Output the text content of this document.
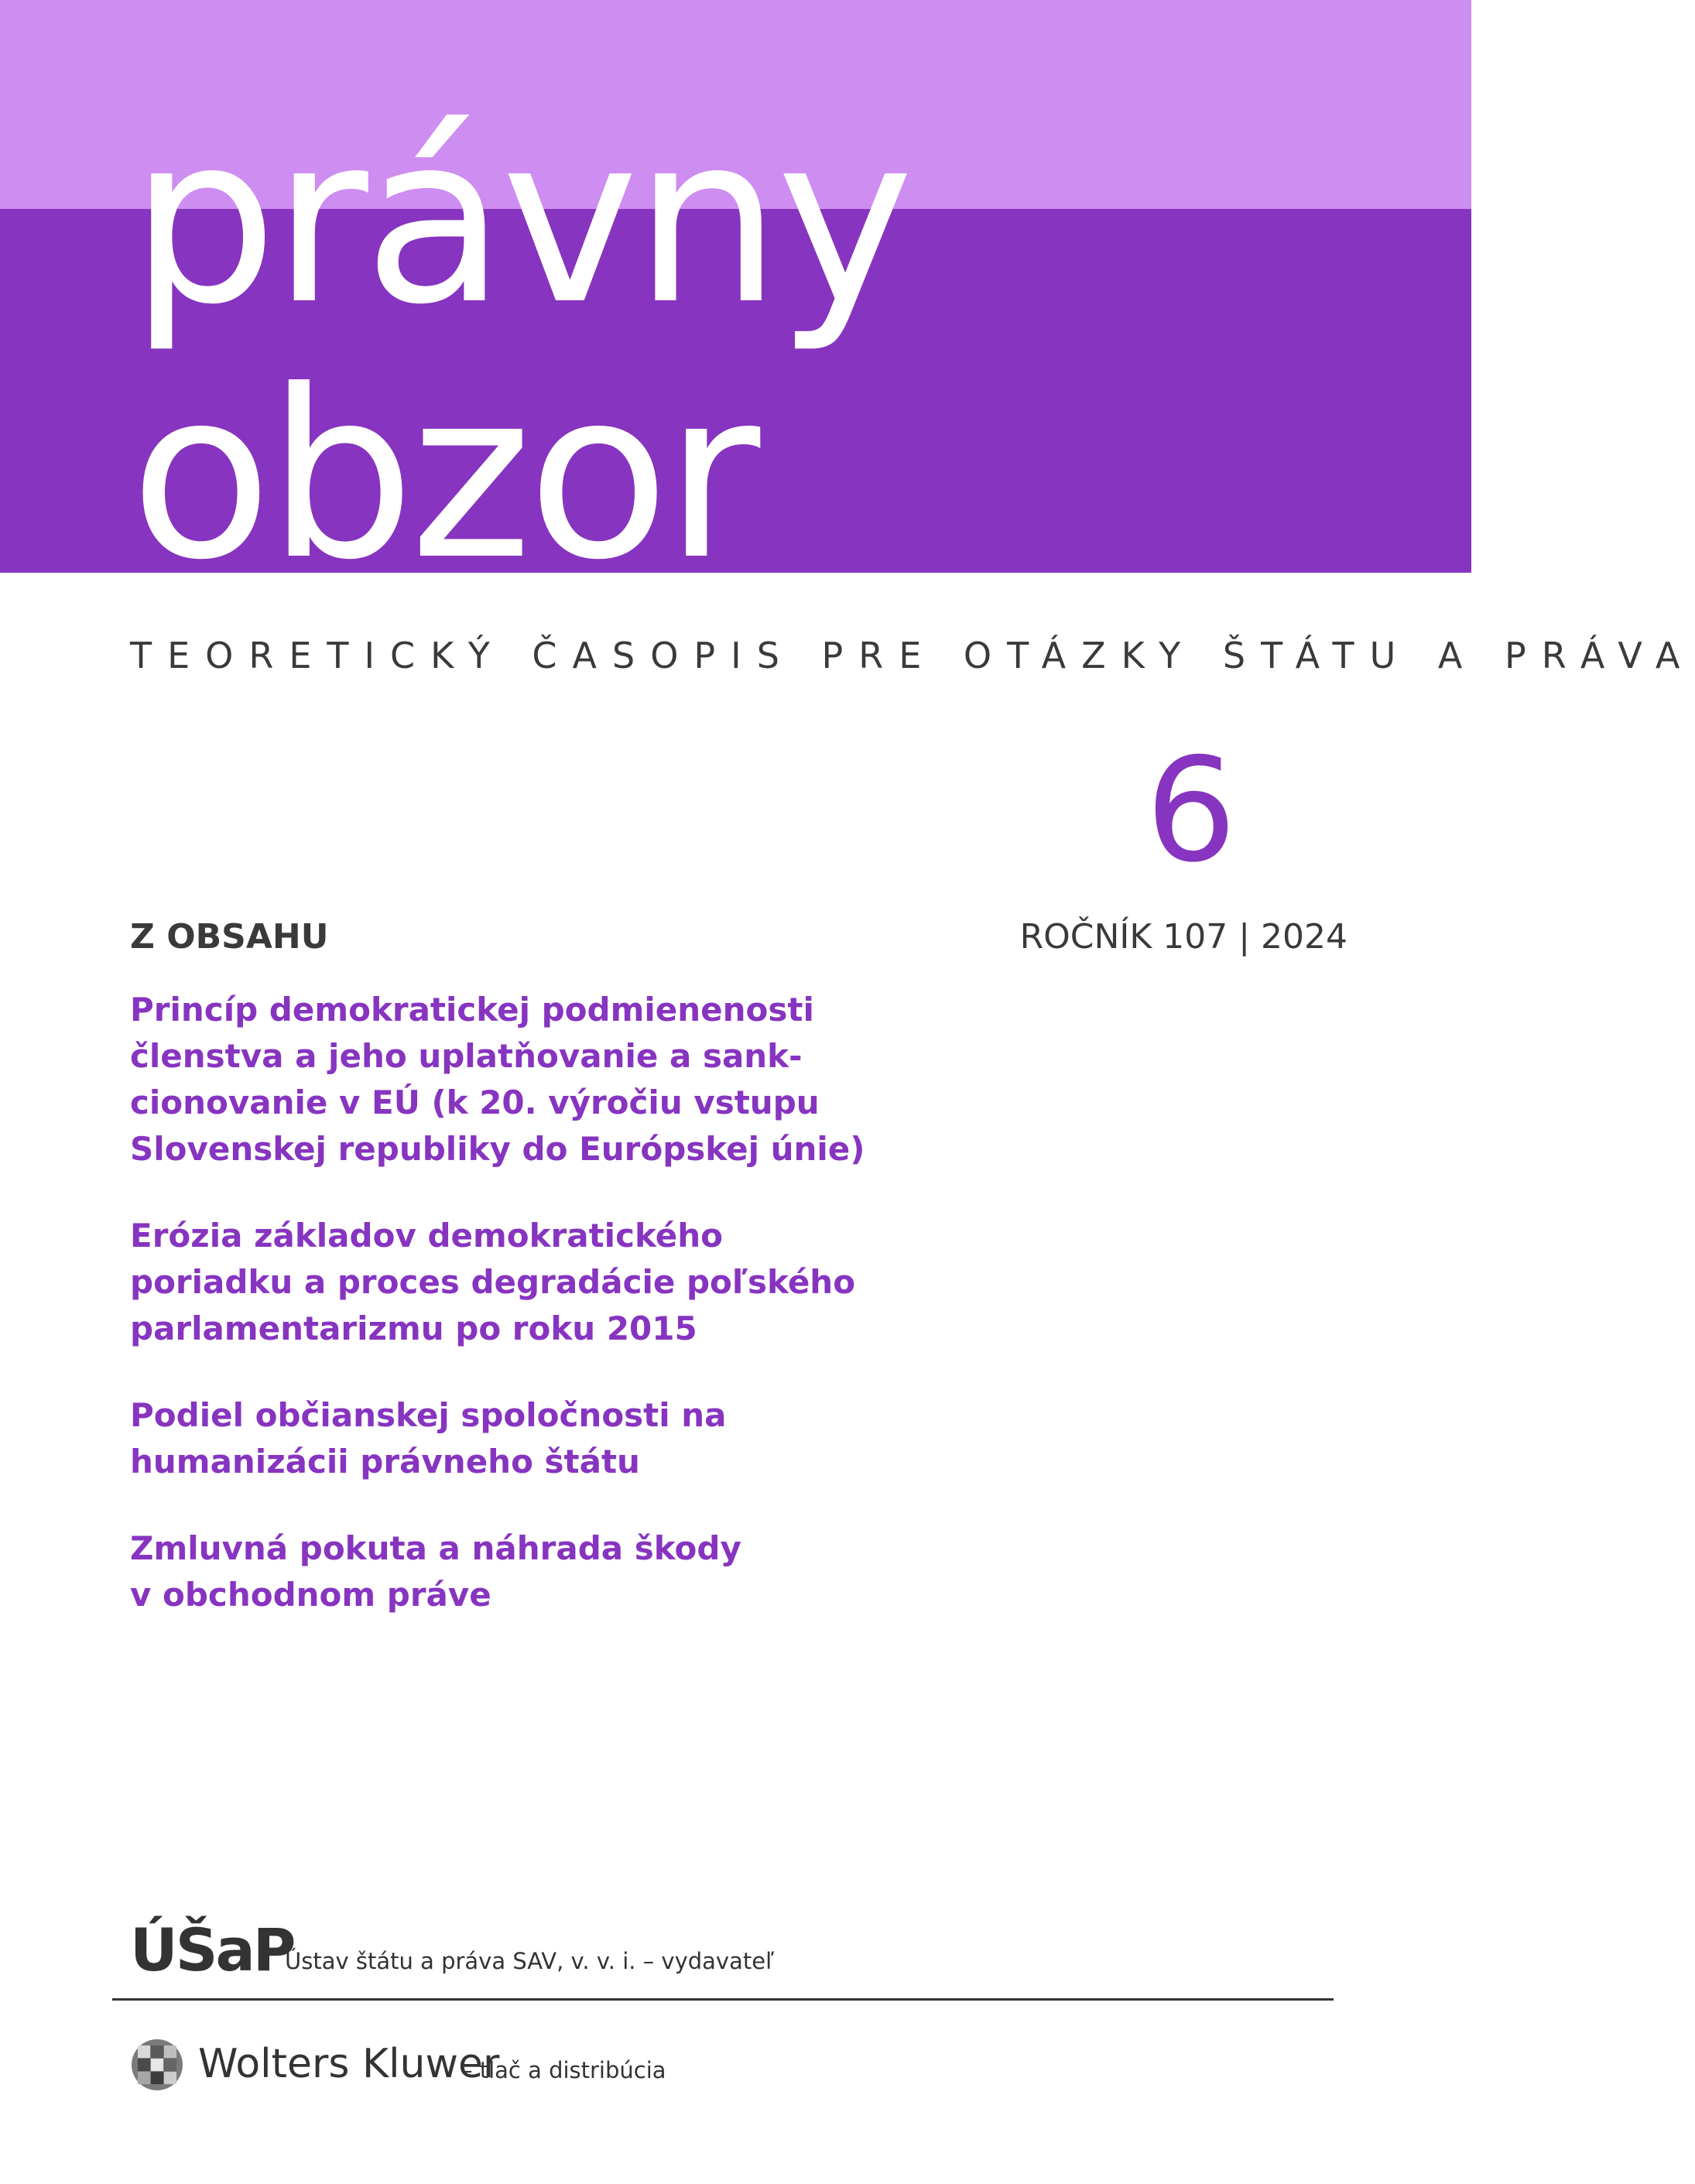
právny
obzor
TEORETICKÝ ČASOPIS PRE OTÁZKY ŠTÁTU A PRÁVA
6
ROČNÍK 107 | 2024
Z OBSAHU
Princíp demokratickej podmienenosti
členstva a jeho uplatňovanie a sank-
cionovanie v EÚ (k 20. výročiu vstupu
Slovenskej republiky do Európskej únie)
Erózia základov demokratického
poriadku a proces degradácie poľského
parlamentarizmu po roku 2015
Podiel občianskej spoločnosti na
humanizácii právneho štátu
Zmluvná pokuta a náhrada škody
v obchodnom práve
ÚŠaP
Ústav štátu a práva SAV, v. v. i. – vydavateľ
Wolters Kluwer
– tlač a distribúcia
